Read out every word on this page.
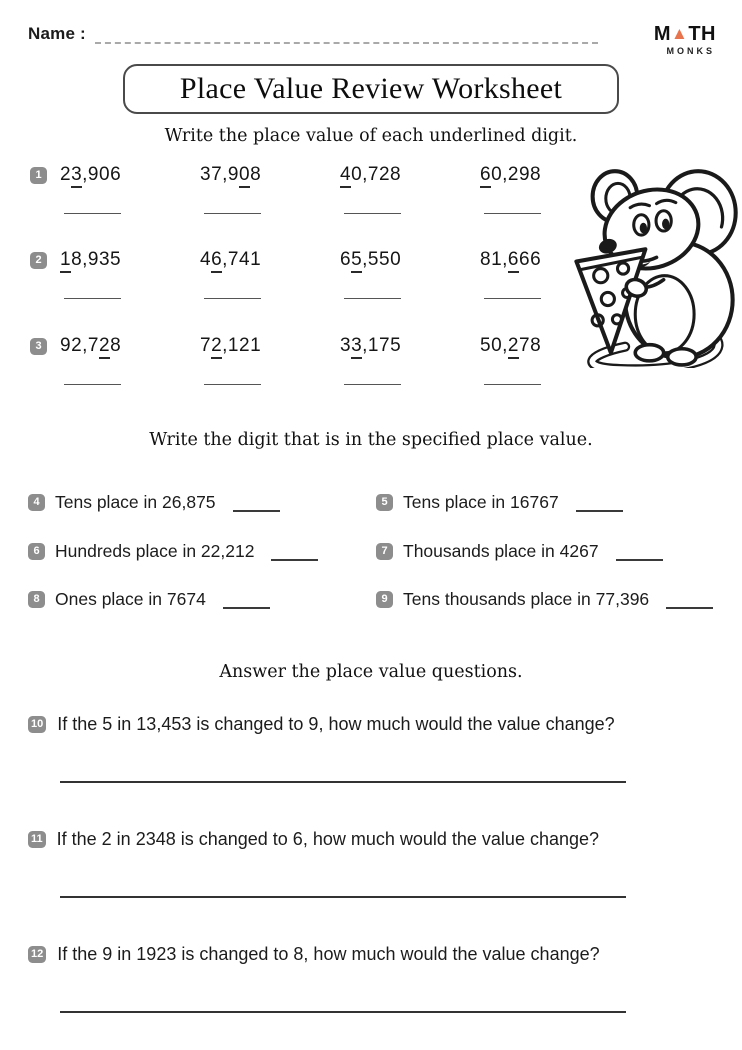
Name :	M▲TH
MONKS
Place Value Review Worksheet
Write the place value of each underlined digit.
Write the digit that is in the specified place value.
Answer the place value questions.
1 23,906	37,908	40,728	60,298
2 18,935	46,741	65,550	81,666
3 92,728	72,121	33,175	50,278
4 Tens place in 26,875	5 Tens place in 16767
6 Hundreds place in 22,212	7 Thousands place in 4267
8 Ones place in 7674	9 Tens thousands place in 77,396
10 If the 5 in 13,453 is changed to 9, how much would the value change?
11 If the 2 in 2348 is changed to 6, how much would the value change?
12 If the 9 in 1923 is changed to 8, how much would the value change?
